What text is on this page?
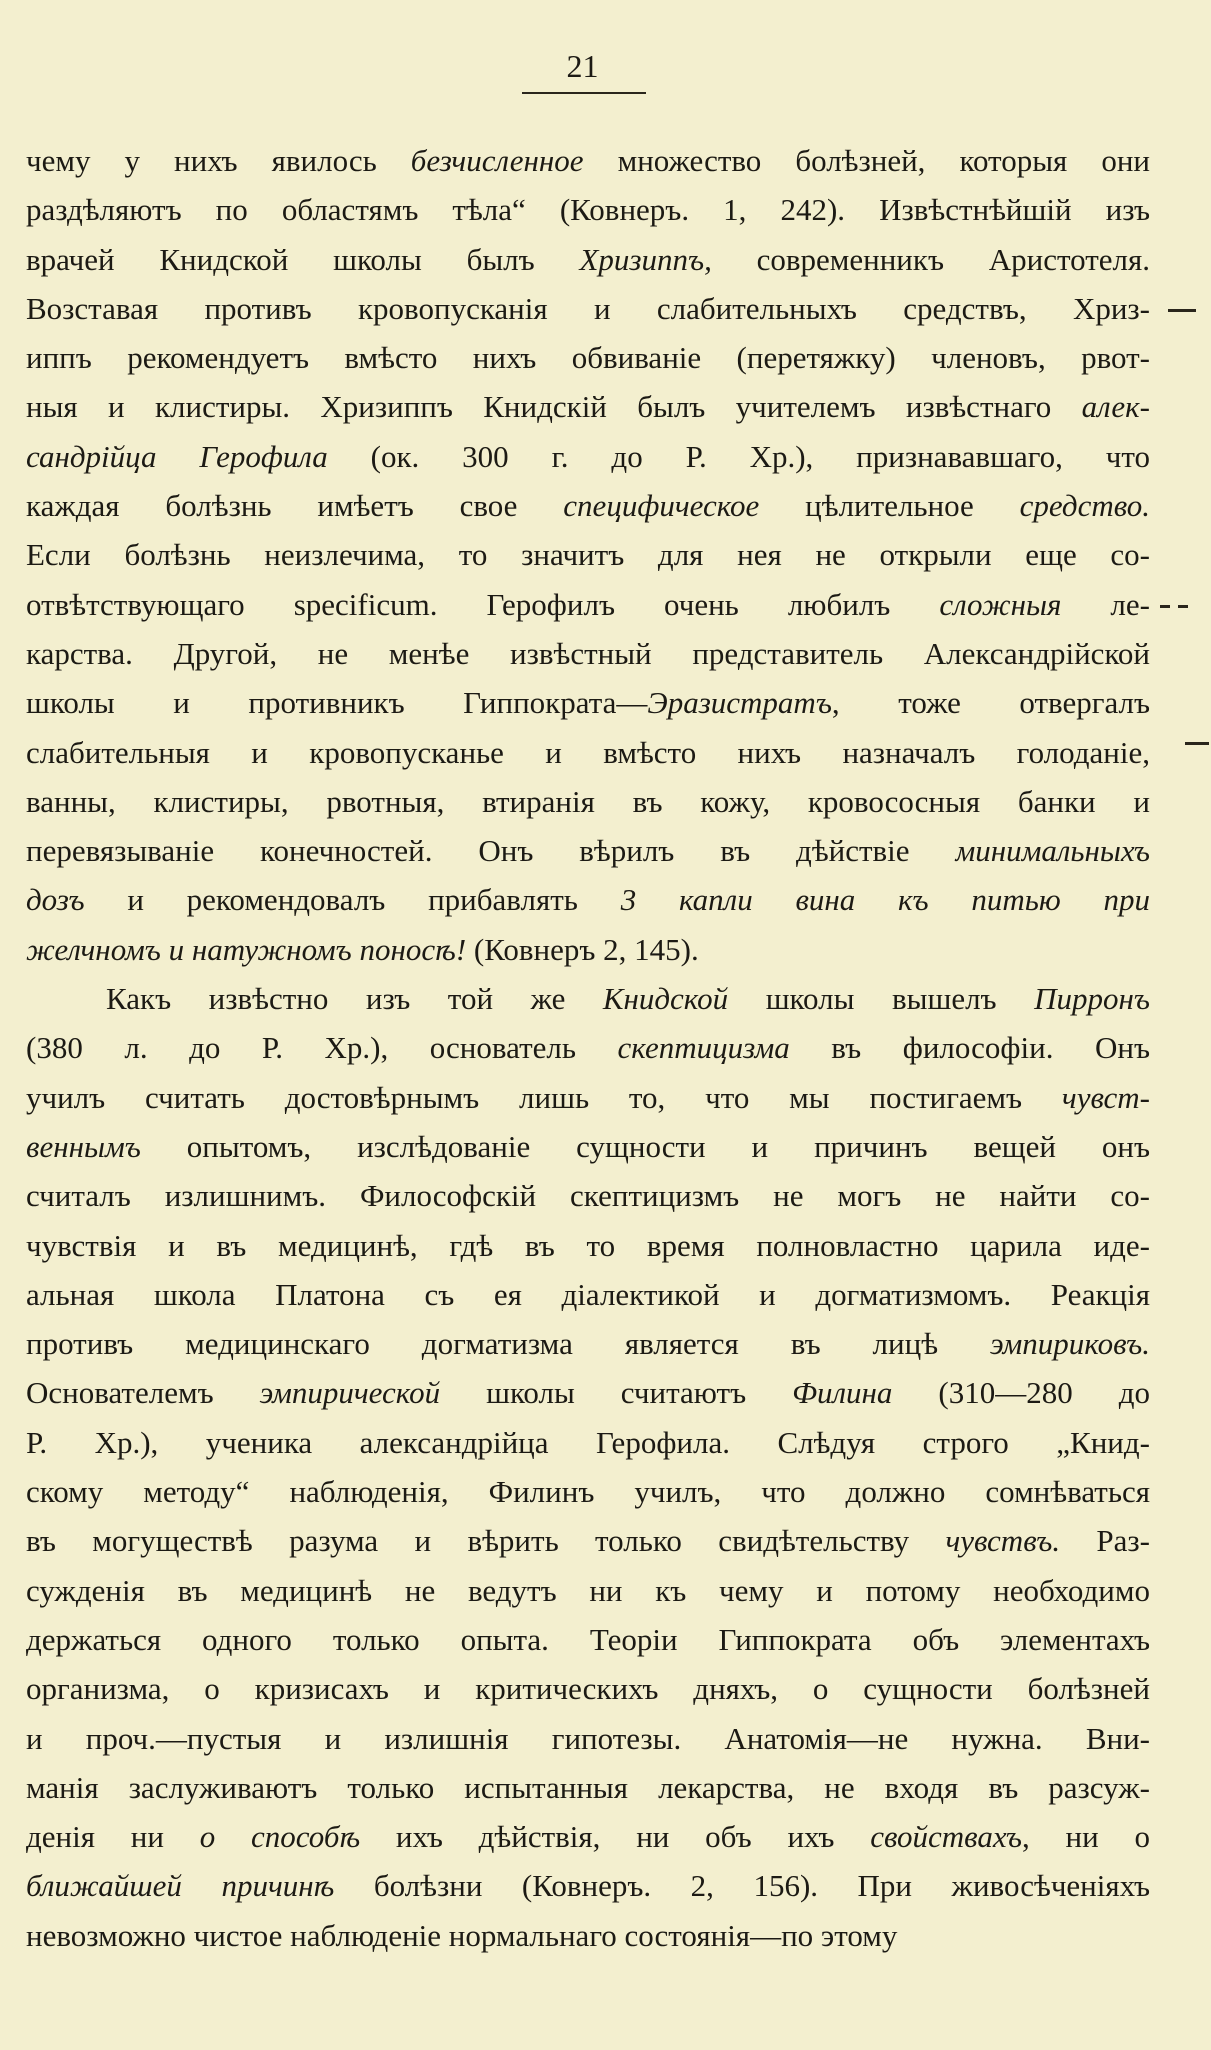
21
чему у нихъ явилось безчисленное множество болѣзней, которыя они
раздѣляютъ по областямъ тѣла“ (Ковнеръ. 1, 242). Извѣстнѣйшій изъ
врачей Книдской школы былъ Хризиппъ, современникъ Аристотеля.
Возставая противъ кровопусканія и слабительныхъ средствъ, Хриз-
иппъ рекомендуетъ вмѣсто нихъ обвиваніе (перетяжку) членовъ, рвот-
ныя и клистиры. Хризиппъ Книдскій былъ учителемъ извѣстнаго алек-
сандрійца Герофила (ок. 300 г. до Р. Хр.), признававшаго, что
каждая болѣзнь имѣетъ свое специфическое цѣлительное средство.
Если болѣзнь неизлечима, то значитъ для нея не открыли еще со-
отвѣтствующаго specificum. Герофилъ очень любилъ сложныя ле-
карства. Другой, не менѣе извѣстный представитель Александрійской
школы и противникъ Гиппократа—Эразистратъ, тоже отвергалъ
слабительныя и кровопусканье и вмѣсто нихъ назначалъ голоданіе,
ванны, клистиры, рвотныя, втиранія въ кожу, кровососныя банки и
перевязываніе конечностей. Онъ вѣрилъ въ дѣйствіе минимальныхъ
дозъ и рекомендовалъ прибавлять 3 капли вина къ питью при
желчномъ и натужномъ поносѣ! (Ковнеръ 2, 145).
Какъ извѣстно изъ той же Книдской школы вышелъ Пирронъ
(380 л. до Р. Хр.), основатель скептицизма въ философіи. Онъ
училъ считать достовѣрнымъ лишь то, что мы постигаемъ чувст-
веннымъ опытомъ, изслѣдованіе сущности и причинъ вещей онъ
считалъ излишнимъ. Философскій скептицизмъ не могъ не найти со-
чувствія и въ медицинѣ, гдѣ въ то время полновластно царила иде-
альная школа Платона съ ея діалектикой и догматизмомъ. Реакція
противъ медицинскаго догматизма является въ лицѣ эмпириковъ.
Основателемъ эмпирической школы считаютъ Филина (310—280 до
Р. Хр.), ученика александрійца Герофила. Слѣдуя строго „Книд-
скому методу“ наблюденія, Филинъ училъ, что должно сомнѣваться
въ могуществѣ разума и вѣрить только свидѣтельству чувствъ. Раз-
сужденія въ медицинѣ не ведутъ ни къ чему и потому необходимо
держаться одного только опыта. Теоріи Гиппократа объ элементахъ
организма, о кризисахъ и критическихъ дняхъ, о сущности болѣзней
и проч.—пустыя и излишнія гипотезы. Анатомія—не нужна. Вни-
манія заслуживаютъ только испытанныя лекарства, не входя въ разсуж-
денія ни о способѣ ихъ дѣйствія, ни объ ихъ свойствахъ, ни о
ближайшей причинѣ болѣзни (Ковнеръ. 2, 156). При живосѣченіяхъ
невозможно чистое наблюденіе нормальнаго состоянія—по этому
